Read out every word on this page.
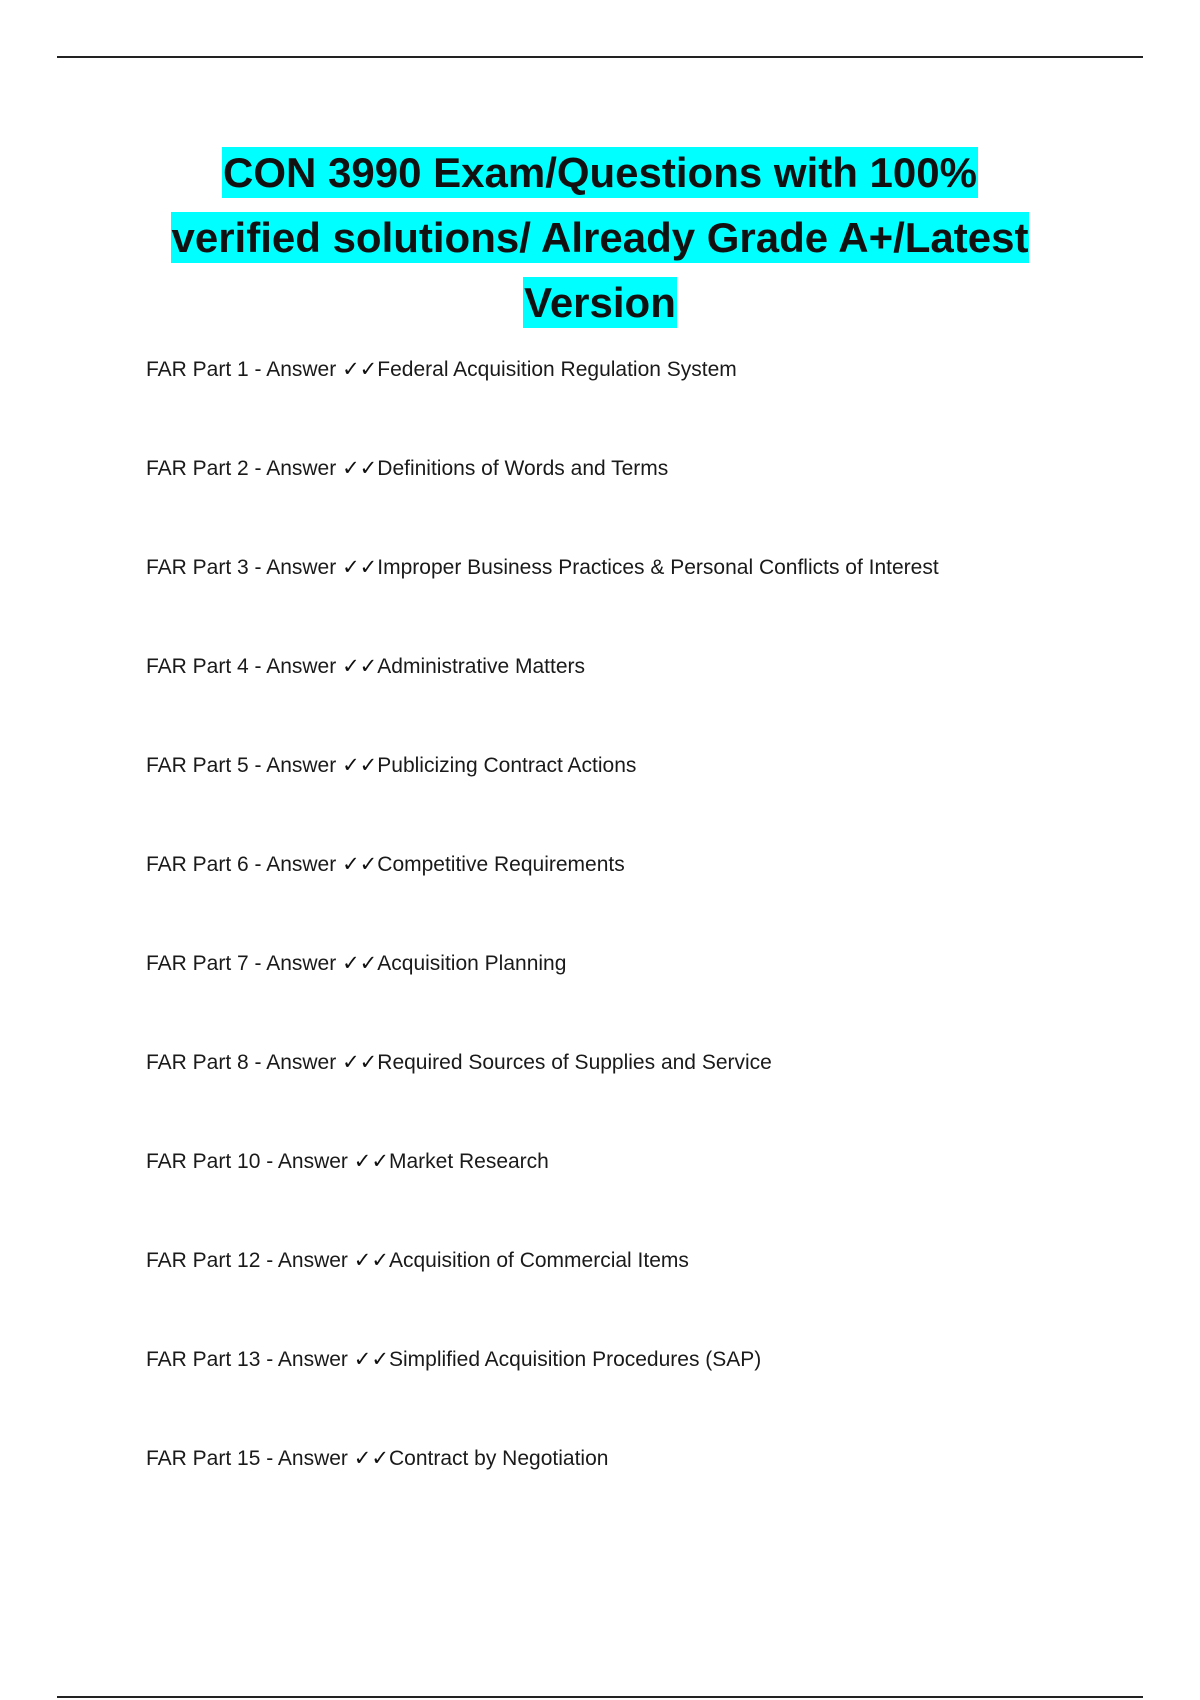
CON 3990 Exam/Questions with 100%
verified solutions/ Already Grade A+/Latest
Version
FAR Part 1 - Answer ✓✓Federal Acquisition Regulation System
FAR Part 2 - Answer ✓✓Definitions of Words and Terms
FAR Part 3 - Answer ✓✓Improper Business Practices & Personal Conflicts of Interest
FAR Part 4 - Answer ✓✓Administrative Matters
FAR Part 5 - Answer ✓✓Publicizing Contract Actions
FAR Part 6 - Answer ✓✓Competitive Requirements
FAR Part 7 - Answer ✓✓Acquisition Planning
FAR Part 8 - Answer ✓✓Required Sources of Supplies and Service
FAR Part 10 - Answer ✓✓Market Research
FAR Part 12 - Answer ✓✓Acquisition of Commercial Items
FAR Part 13 - Answer ✓✓Simplified Acquisition Procedures (SAP)
FAR Part 15 - Answer ✓✓Contract by Negotiation
